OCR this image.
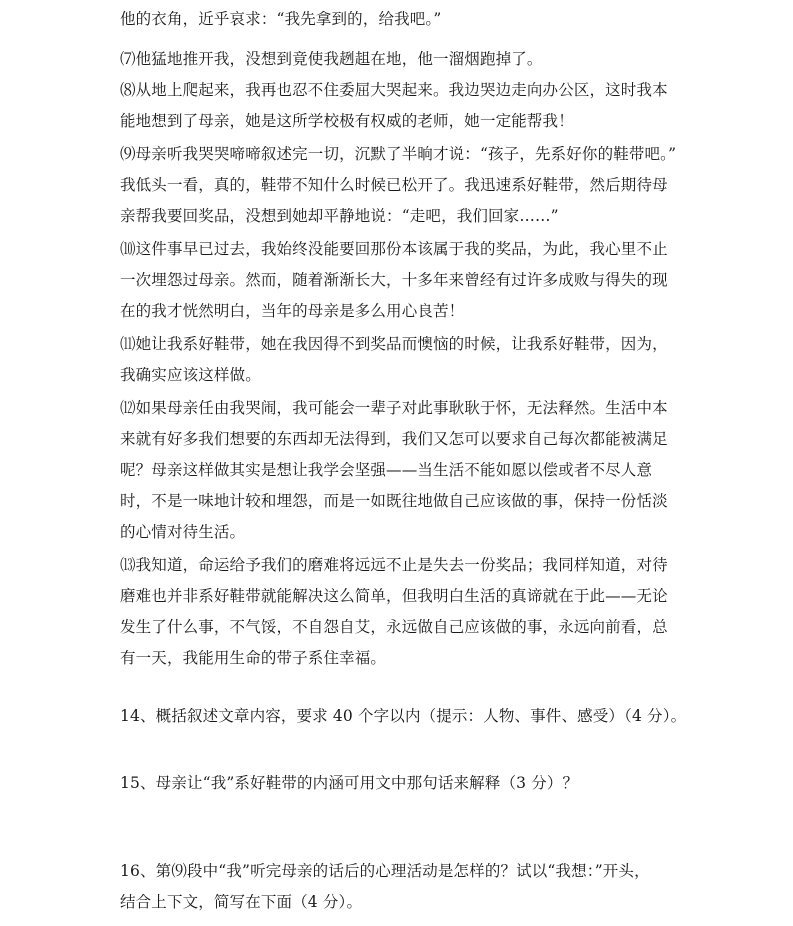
他的衣角，近乎哀求：“我先拿到的，给我吧。”
⑺他猛地推开我，没想到竟使我趔趄在地，他一溜烟跑掉了。
⑻从地上爬起来，我再也忍不住委屈大哭起来。我边哭边走向办公区，这时我本
能地想到了母亲，她是这所学校极有权威的老师，她一定能帮我！
⑼母亲听我哭哭啼啼叙述完一切，沉默了半晌才说：“孩子，先系好你的鞋带吧。”
我低头一看，真的，鞋带不知什么时候已松开了。我迅速系好鞋带，然后期待母
亲帮我要回奖品，没想到她却平静地说：“走吧，我们回家……”
⑽这件事早已过去，我始终没能要回那份本该属于我的奖品，为此，我心里不止
一次埋怨过母亲。然而，随着渐渐长大，十多年来曾经有过许多成败与得失的现
在的我才恍然明白，当年的母亲是多么用心良苦！
⑾她让我系好鞋带，她在我因得不到奖品而懊恼的时候，让我系好鞋带，因为，
我确实应该这样做。
⑿如果母亲任由我哭闹，我可能会一辈子对此事耿耿于怀，无法释然。生活中本
来就有好多我们想要的东西却无法得到，我们又怎可以要求自己每次都能被满足
呢？母亲这样做其实是想让我学会坚强——当生活不能如愿以偿或者不尽人意
时，不是一味地计较和埋怨，而是一如既往地做自己应该做的事，保持一份恬淡
的心情对待生活。
⒀我知道，命运给予我们的磨难将远远不止是失去一份奖品；我同样知道，对待
磨难也并非系好鞋带就能解决这么简单，但我明白生活的真谛就在于此——无论
发生了什么事，不气馁，不自怨自艾，永远做自己应该做的事，永远向前看，总
有一天，我能用生命的带子系住幸福。
14、概括叙述文章内容，要求 40 个字以内（提示：人物、事件、感受）（4 分）。
15、母亲让“我”系好鞋带的内涵可用文中那句话来解释（3 分）？
16、第⑼段中“我”听完母亲的话后的心理活动是怎样的？试以“我想：”开头，
结合上下文，简写在下面（4 分）。
